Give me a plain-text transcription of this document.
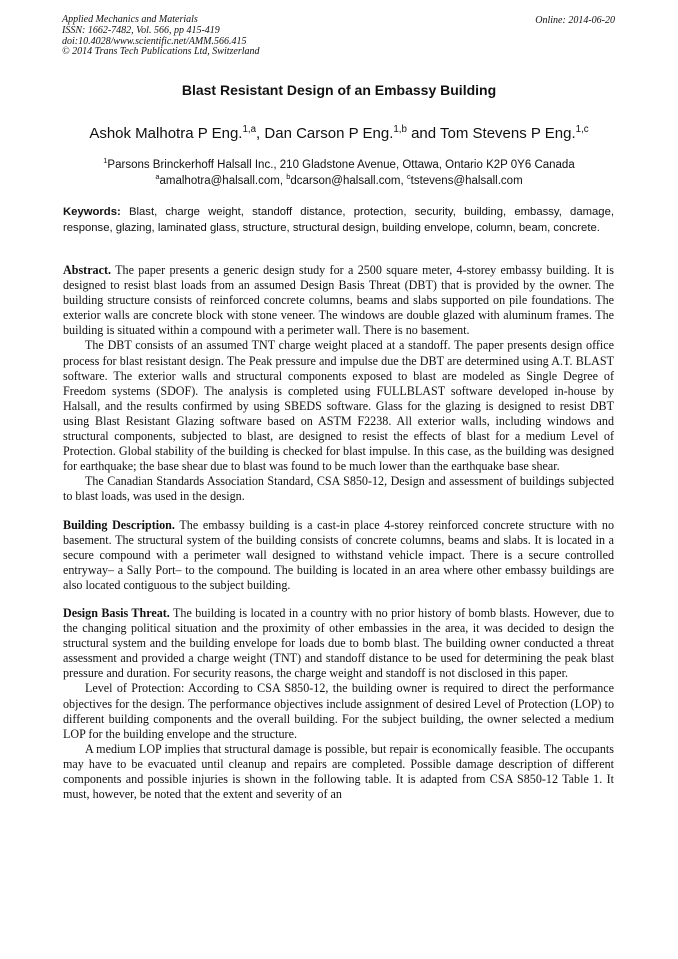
Applied Mechanics and Materials
ISSN: 1662-7482, Vol. 566, pp 415-419
doi:10.4028/www.scientific.net/AMM.566.415
© 2014 Trans Tech Publications Ltd, Switzerland
Online: 2014-06-20
Blast Resistant Design of an Embassy Building
Ashok Malhotra P Eng.$^{1,a}$, Dan Carson P Eng.$^{1,b}$ and Tom Stevens P Eng.$^{1,c}$
$^1$Parsons Brinckerhoff Halsall Inc., 210 Gladstone Avenue, Ottawa, Ontario K2P 0Y6 Canada
$^a$amalhotra@halsall.com, $^b$dcarson@halsall.com, $^c$tstevens@halsall.com
Keywords: Blast, charge weight, standoff distance, protection, security, building, embassy, damage, response, glazing, laminated glass, structure, structural design, building envelope, column, beam, concrete.

Abstract. The paper presents a generic design study for a 2500 square meter, 4-storey embassy building. It is designed to resist blast loads from an assumed Design Basis Threat (DBT) that is provided by the owner. The building structure consists of reinforced concrete columns, beams and slabs supported on pile foundations. The exterior walls are concrete block with stone veneer. The windows are double glazed with aluminum frames. The building is situated within a compound with a perimeter wall. There is no basement.

The DBT consists of an assumed TNT charge weight placed at a standoff. The paper presents design office process for blast resistant design. The Peak pressure and impulse due the DBT are determined using A.T. BLAST software. The exterior walls and structural components exposed to blast are modeled as Single Degree of Freedom systems (SDOF). The analysis is completed using FULLBLAST software developed in-house by Halsall, and the results confirmed by using SBEDS software. Glass for the glazing is designed to resist DBT using Blast Resistant Glazing software based on ASTM F2238. All exterior walls, including windows and structural components, subjected to blast, are designed to resist the effects of blast for a medium Level of Protection. Global stability of the building is checked for blast impulse. In this case, as the building was designed for earthquake; the base shear due to blast was found to be much lower than the earthquake base shear.

The Canadian Standards Association Standard, CSA S850-12, Design and assessment of buildings subjected to blast loads, was used in the design.

Building Description. The embassy building is a cast-in place 4-storey reinforced concrete structure with no basement. The structural system of the building consists of concrete columns, beams and slabs. It is located in a secure compound with a perimeter wall designed to withstand vehicle impact. There is a secure controlled entryway– a Sally Port– to the compound. The building is located in an area where other embassy buildings are also located contiguous to the subject building.

Design Basis Threat. The building is located in a country with no prior history of bomb blasts. However, due to the changing political situation and the proximity of other embassies in the area, it was decided to design the structural system and the building envelope for loads due to bomb blast. The building owner conducted a threat assessment and provided a charge weight (TNT) and standoff distance to be used for determining the peak blast pressure and duration. For security reasons, the charge weight and standoff is not disclosed in this paper.

Level of Protection: According to CSA S850-12, the building owner is required to direct the performance objectives for the design. The performance objectives include assignment of desired Level of Protection (LOP) to different building components and the overall building. For the subject building, the owner selected a medium LOP for the building envelope and the structure.

A medium LOP implies that structural damage is possible, but repair is economically feasible. The occupants may have to be evacuated until cleanup and repairs are completed. Possible damage description of different components and possible injuries is shown in the following table. It is adapted from CSA S850-12 Table 1. It must, however, be noted that the extent and severity of an
